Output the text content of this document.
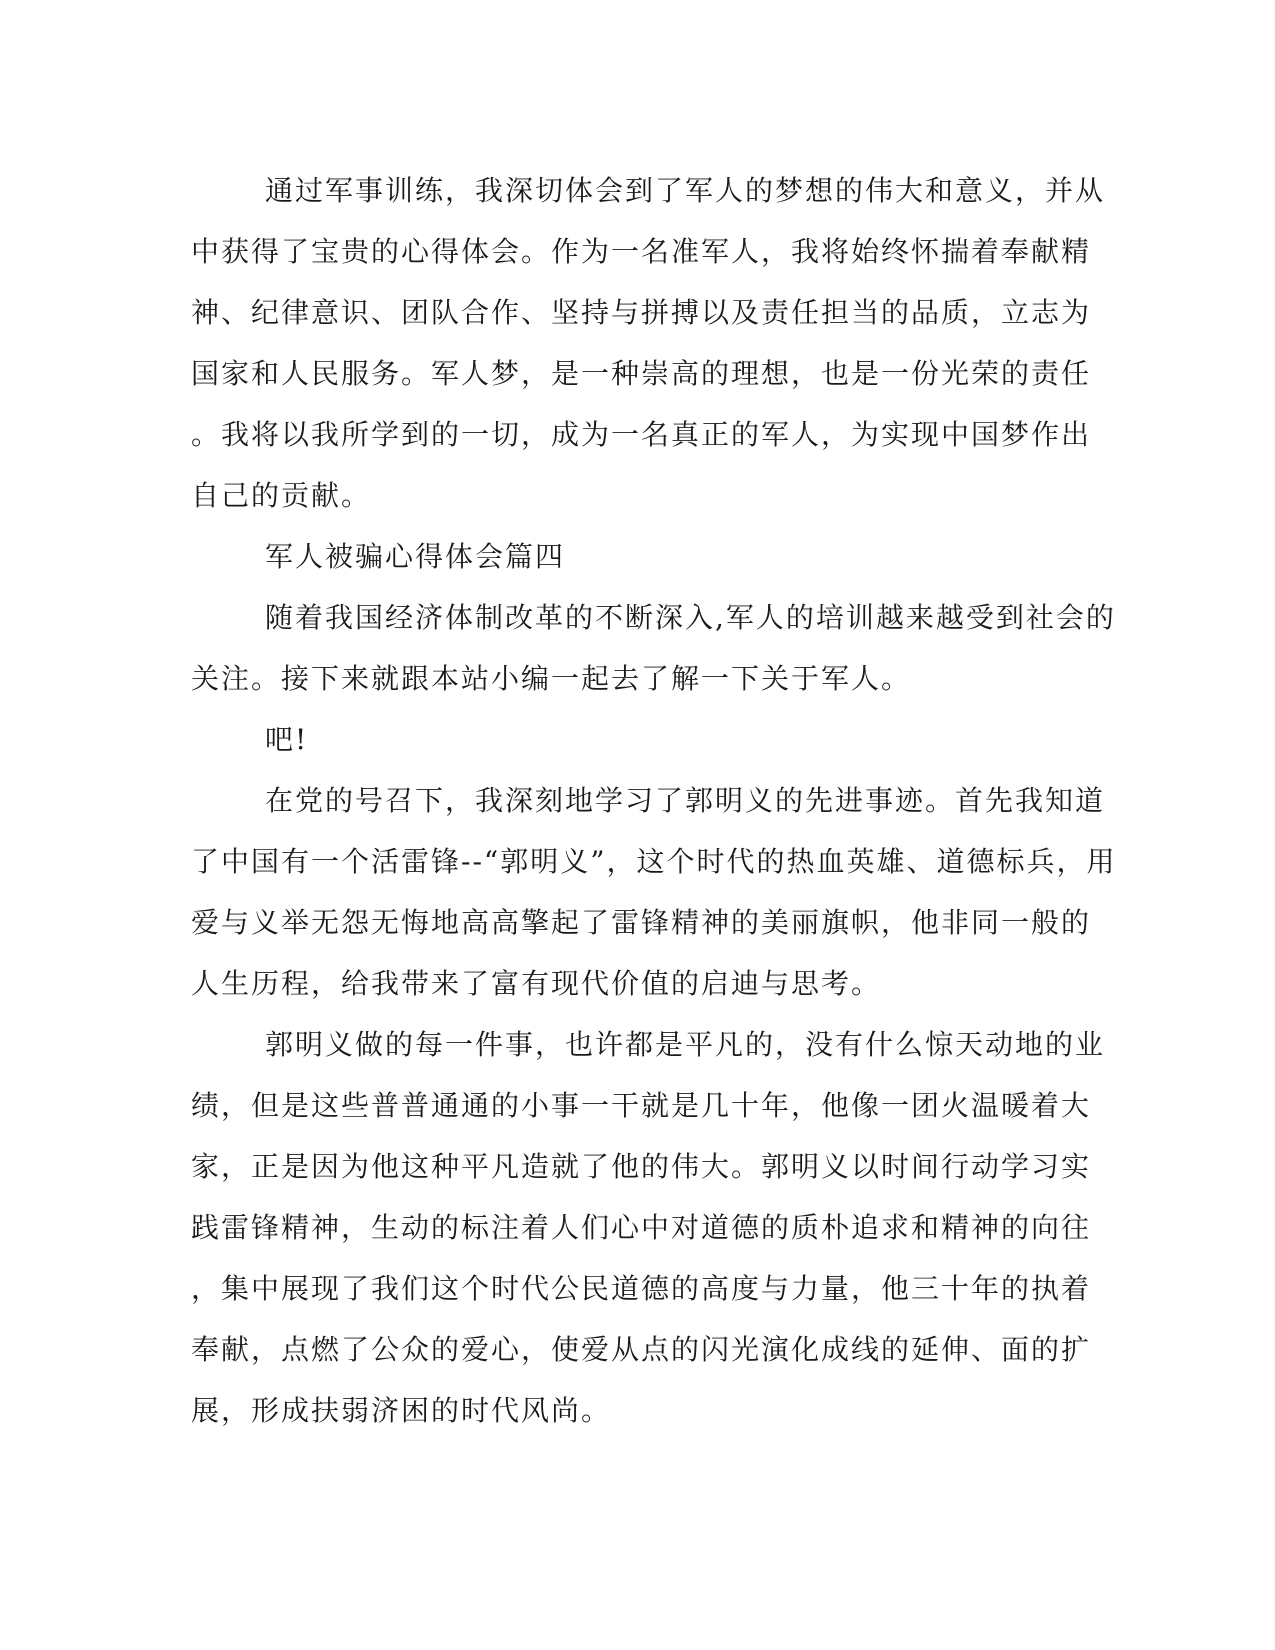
通过军事训练，我深切体会到了军人的梦想的伟大和意义，并从
中获得了宝贵的心得体会。作为一名准军人，我将始终怀揣着奉献精
神、纪律意识、团队合作、坚持与拼搏以及责任担当的品质，立志为
国家和人民服务。军人梦，是一种崇高的理想，也是一份光荣的责任
。我将以我所学到的一切，成为一名真正的军人，为实现中国梦作出
自己的贡献。
军人被骗心得体会篇四
随着我国经济体制改革的不断深入,军人的培训越来越受到社会的
关注。接下来就跟本站小编一起去了解一下关于军人。
吧!
在党的号召下，我深刻地学习了郭明义的先进事迹。首先我知道
了中国有一个活雷锋--“郭明义”，这个时代的热血英雄、道德标兵，用
爱与义举无怨无悔地高高擎起了雷锋精神的美丽旗帜，他非同一般的
人生历程，给我带来了富有现代价值的启迪与思考。
郭明义做的每一件事，也许都是平凡的，没有什么惊天动地的业
绩，但是这些普普通通的小事一干就是几十年，他像一团火温暖着大
家，正是因为他这种平凡造就了他的伟大。郭明义以时间行动学习实
践雷锋精神，生动的标注着人们心中对道德的质朴追求和精神的向往
，集中展现了我们这个时代公民道德的高度与力量，他三十年的执着
奉献，点燃了公众的爱心，使爱从点的闪光演化成线的延伸、面的扩
展，形成扶弱济困的时代风尚。
